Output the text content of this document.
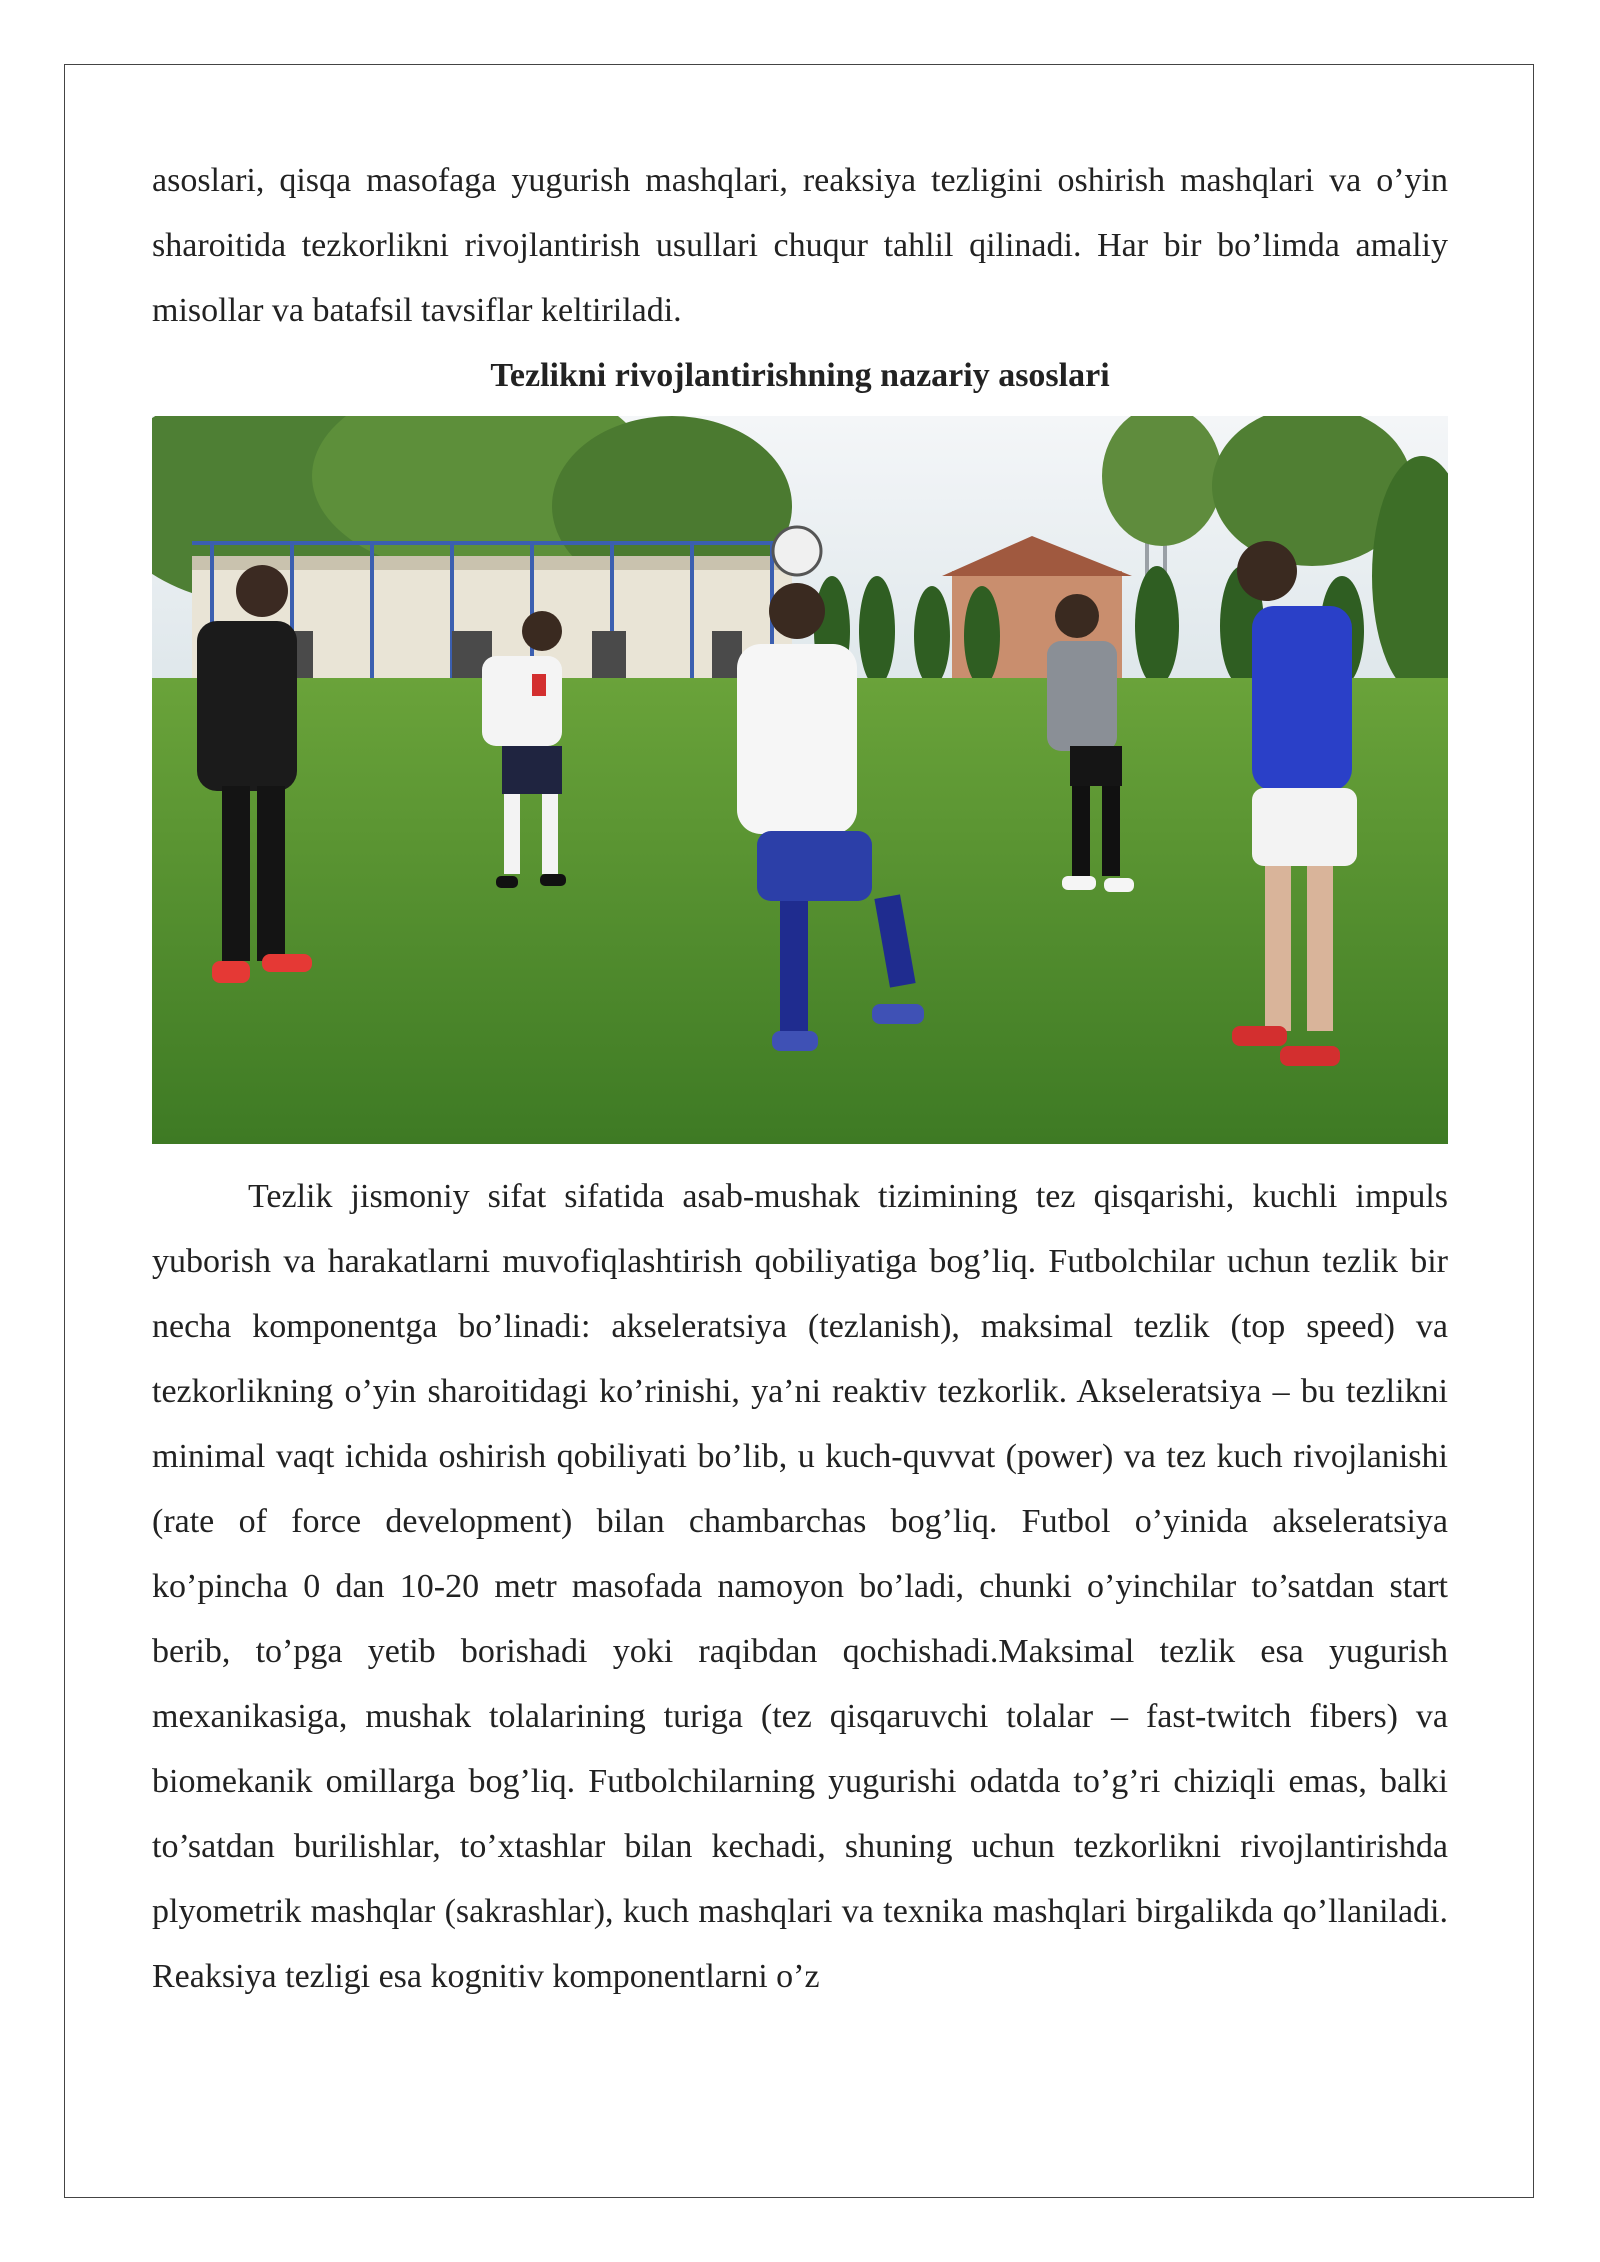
asoslari, qisqa masofaga yugurish mashqlari, reaksiya tezligini oshirish mashqlari va o’yin sharoitida tezkorlikni rivojlantirish usullari chuqur tahlil qilinadi. Har bir bo’limda amaliy misollar va batafsil tavsiflar keltiriladi.

Tezlikni rivojlantirishning nazariy asoslari

Tezlik jismoniy sifat sifatida asab-mushak tizimining tez qisqarishi, kuchli impuls yuborish va harakatlarni muvofiqlashtirish qobiliyatiga bog’liq. Futbolchilar uchun tezlik bir necha komponentga bo’linadi: akseleratsiya (tezlanish), maksimal tezlik (top speed) va tezkorlikning o’yin sharoitidagi ko’rinishi, ya’ni reaktiv tezkorlik. Akseleratsiya – bu tezlikni minimal vaqt ichida oshirish qobiliyati bo’lib, u kuch-quvvat (power) va tez kuch rivojlanishi (rate of force development) bilan chambarchas bog’liq. Futbol o’yinida akseleratsiya ko’pincha 0 dan 10-20 metr masofada namoyon bo’ladi, chunki o’yinchilar to’satdan start berib, to’pga yetib borishadi yoki raqibdan qochishadi.Maksimal tezlik esa yugurish mexanikasiga, mushak tolalarining turiga (tez qisqaruvchi tolalar – fast-twitch fibers) va biomekanik omillarga bog’liq. Futbolchilarning yugurishi odatda to’g’ri chiziqli emas, balki to’satdan burilishlar, to’xtashlar bilan kechadi, shuning uchun tezkorlikni rivojlantirishda plyometrik mashqlar (sakrashlar), kuch mashqlari va texnika mashqlari birgalikda qo’llaniladi. Reaksiya tezligi esa kognitiv komponentlarni o’z
